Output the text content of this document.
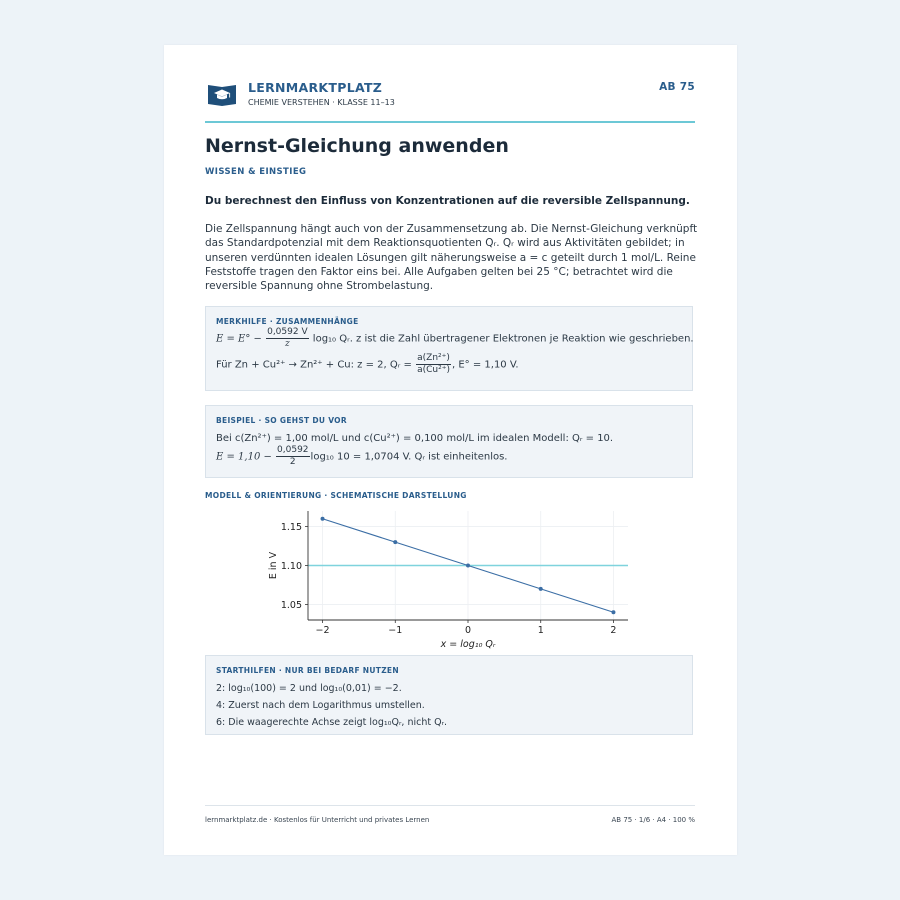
LERNMARKTPLATZ
CHEMIE VERSTEHEN · KLASSE 11–13
AB 75
Nernst-Gleichung anwenden
WISSEN & EINSTIEG
Du berechnest den Einfluss von Konzentrationen auf die reversible Zellspannung.
Die Zellspannung hängt auch von der Zusammensetzung ab. Die Nernst-Gleichung verknüpft das Standardpotenzial mit dem Reaktionsquotienten Qᵣ. Qᵣ wird aus Aktivitäten gebildet; in unseren verdünnten idealen Lösungen gilt näherungsweise a = c geteilt durch 1 mol/L. Reine Feststoffe tragen den Faktor eins bei. Alle Aufgaben gelten bei 25 °C; betrachtet wird die reversible Spannung ohne Strombelastung.
MERKHILFE · ZUSAMMENHÄNGE
$E = E^\circ - \frac{0,0592 V}{z} \log_{10}$ Qᵣ. z ist die Zahl übertragener Elektronen je Reaktion wie geschrieben.
Für Zn + Cu²⁺ → Zn²⁺ + Cu: z = 2, Qᵣ = $\frac{\text{a(Zn²⁺)}}{\text{a(Cu²⁺)}}$ , E° = 1,10 V.
BEISPIEL · SO GEHST DU VOR
Bei c(Zn²⁺) = 1,00 mol/L und c(Cu²⁺) = 0,100 mol/L im idealen Modell: Qᵣ = 10.
$E = 1,10 - \frac{0,0592}{2} \log_{10}$ 10 = 1,0704 V. Qᵣ ist einheitenlos.
MODELL & ORIENTIERUNG · SCHEMATISCHE DARSTELLUNG
−2	−1	0	1	2
1.05
1.10
1.15
x = log₁₀ Qᵣ
E in V
STARTHILFEN · NUR BEI BEDARF NUTZEN
2: log₁₀(100) = 2 und log₁₀(0,01) = −2.
4: Zuerst nach dem Logarithmus umstellen.
6: Die waagerechte Achse zeigt log₁₀Qᵣ, nicht Qᵣ.
lernmarktplatz.de · Kostenlos für Unterricht und privates Lernen	AB 75 · 1/6 · A4 · 100 %
